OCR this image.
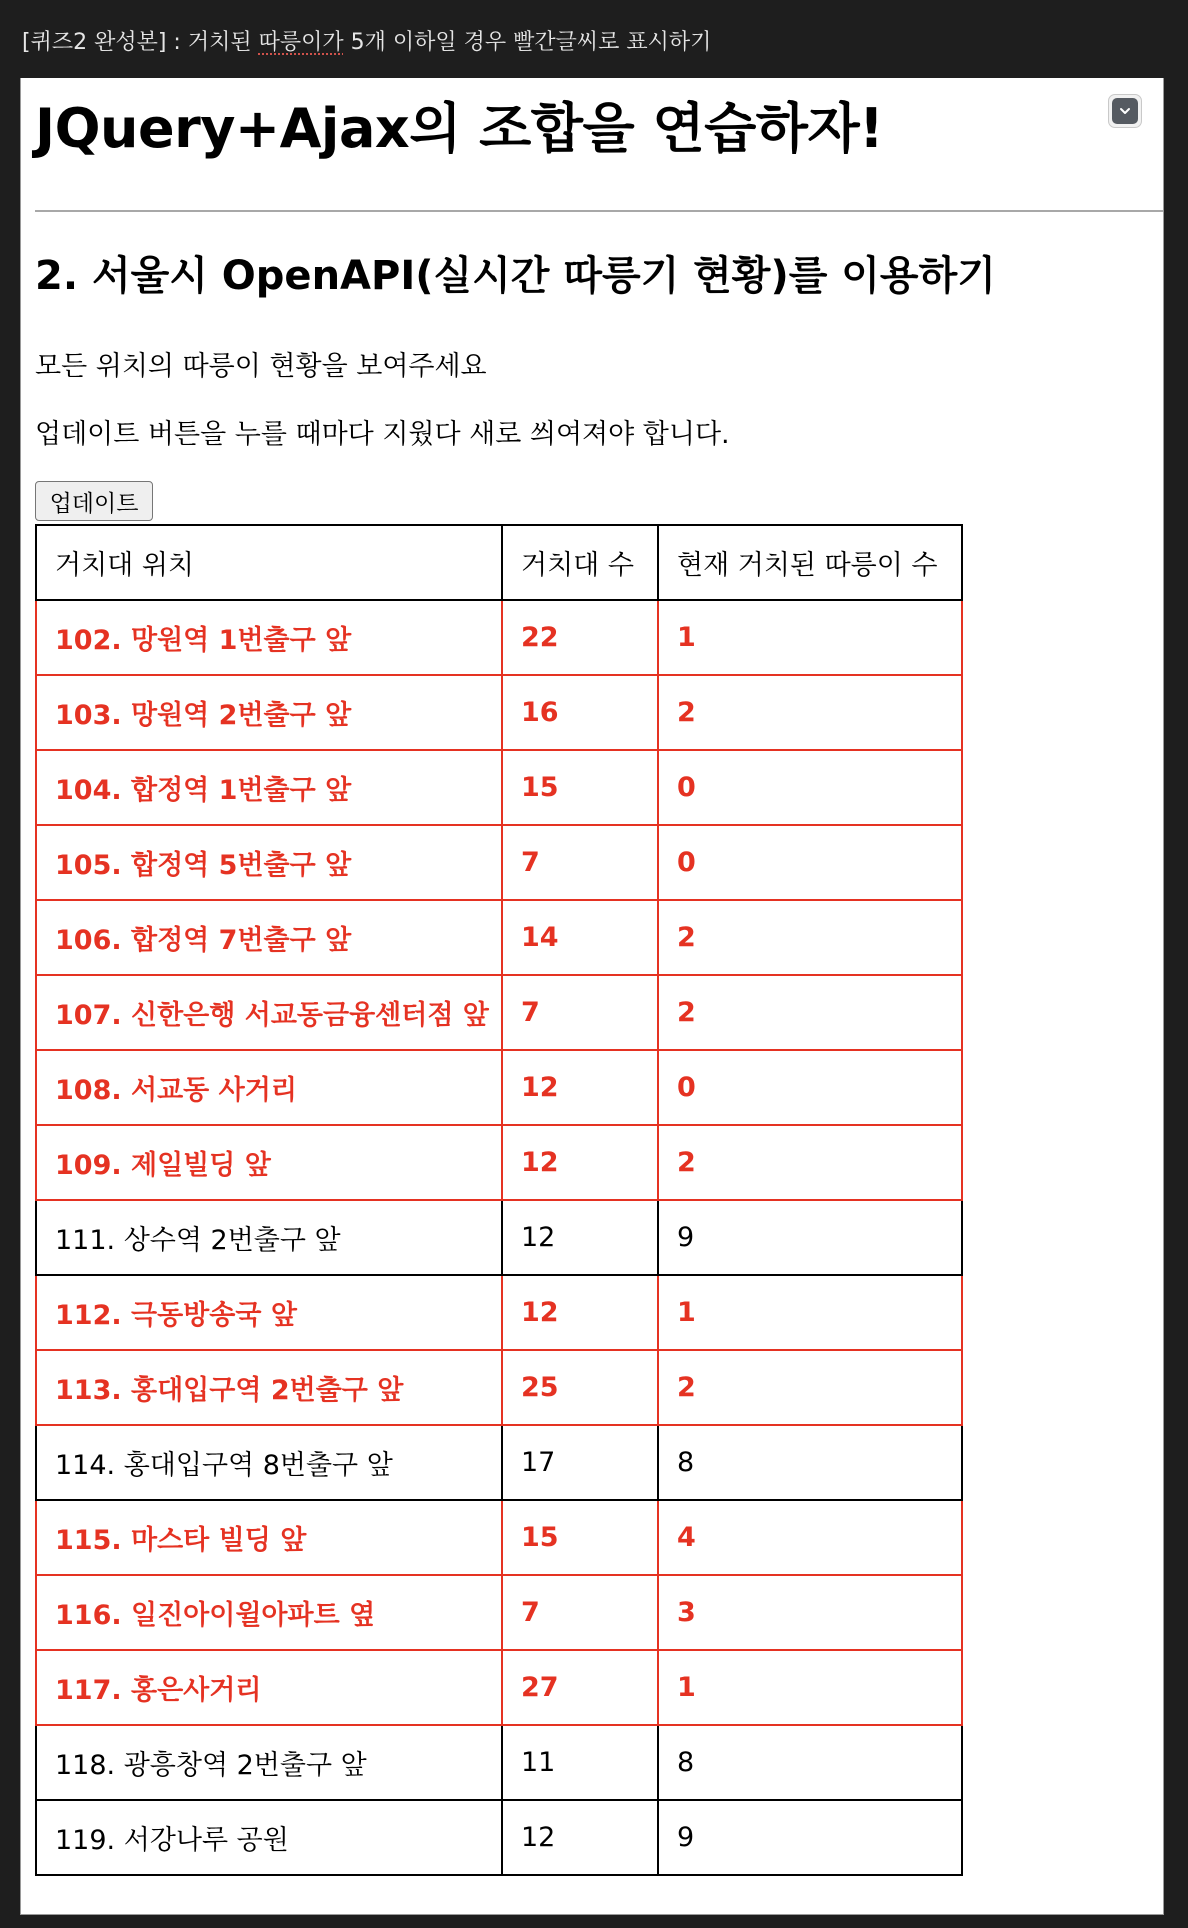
[퀴즈2 완성본] : 거치된 따릉이가 5개 이하일 경우 빨간글씨로 표시하기
JQuery+Ajax의 조합을 연습하자!
2. 서울시 OpenAPI(실시간 따릉기 현황)를 이용하기

모든 위치의 따릉이 현황을 보여주세요

업데이트 버튼을 누를 때마다 지웠다 새로 씌여져야 합니다.

업데이트
거치대 위치	거치대 수	현재 거치된 따릉이 수
102. 망원역 1번출구 앞	22	1
103. 망원역 2번출구 앞	16	2
104. 합정역 1번출구 앞	15	0
105. 합정역 5번출구 앞	7	0
106. 합정역 7번출구 앞	14	2
107. 신한은행 서교동금융센터점 앞	7	2
108. 서교동 사거리	12	0
109. 제일빌딩 앞	12	2
111. 상수역 2번출구 앞	12	9
112. 극동방송국 앞	12	1
113. 홍대입구역 2번출구 앞	25	2
114. 홍대입구역 8번출구 앞	17	8
115. 마스타 빌딩 앞	15	4
116. 일진아이윌아파트 옆	7	3
117. 홍은사거리	27	1
118. 광흥창역 2번출구 앞	11	8
119. 서강나루 공원	12	9
